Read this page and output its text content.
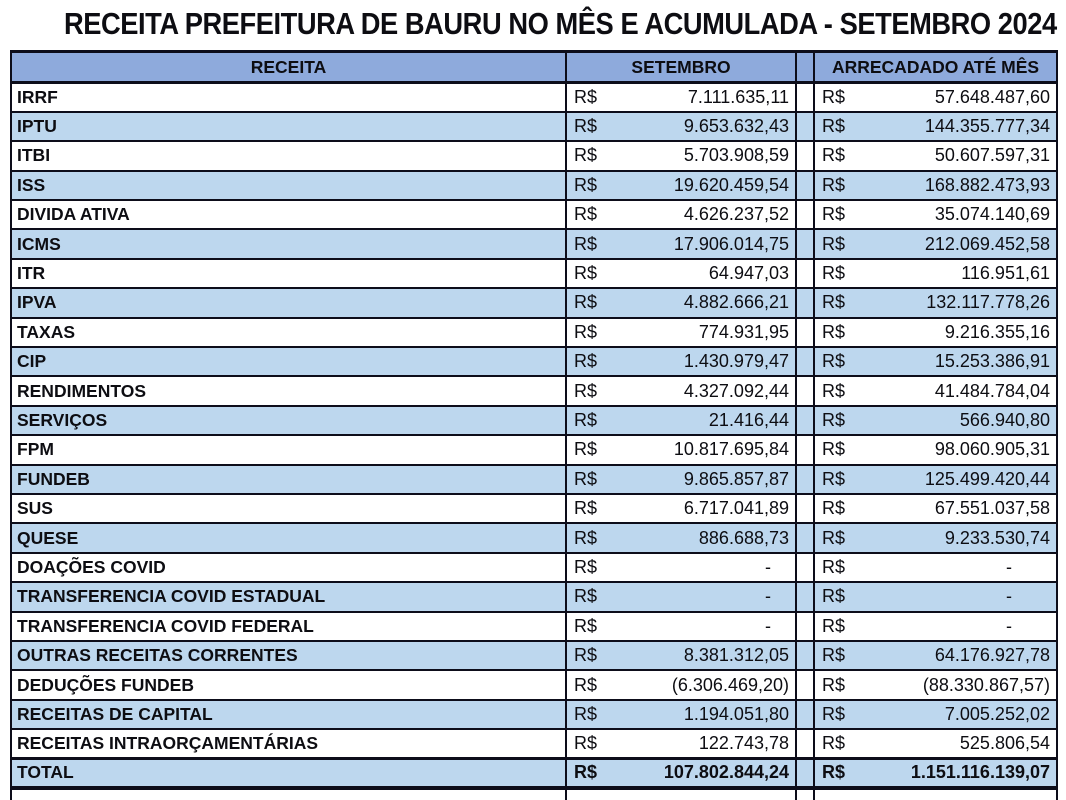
RECEITA PREFEITURA DE BAURU NO MÊS E ACUMULADA - SETEMBRO 2024
RECEITA	SETEMBRO		ARRECADADO ATÉ MÊS
IRRF	R$ 7.111.635,11		R$ 57.648.487,60

IPTU	R$ 9.653.632,43		R$ 144.355.777,34

ITBI	R$ 5.703.908,59		R$ 50.607.597,31

ISS	R$ 19.620.459,54		R$ 168.882.473,93

DIVIDA ATIVA	R$ 4.626.237,52		R$ 35.074.140,69

ICMS	R$ 17.906.014,75		R$ 212.069.452,58

ITR	R$ 64.947,03		R$ 116.951,61

IPVA	R$ 4.882.666,21		R$ 132.117.778,26

TAXAS	R$ 774.931,95		R$ 9.216.355,16

CIP	R$ 1.430.979,47		R$ 15.253.386,91

RENDIMENTOS	R$ 4.327.092,44		R$ 41.484.784,04

SERVIÇOS	R$ 21.416,44		R$ 566.940,80

FPM	R$ 10.817.695,84		R$ 98.060.905,31

FUNDEB	R$ 9.865.857,87		R$ 125.499.420,44

SUS	R$ 6.717.041,89		R$ 67.551.037,58

QUESE	R$ 886.688,73		R$ 9.233.530,74

DOAÇÕES COVID	R$ -		R$ -

TRANSFERENCIA COVID ESTADUAL	R$ -		R$ -

TRANSFERENCIA COVID FEDERAL	R$ -		R$ -

OUTRAS RECEITAS CORRENTES	R$ 8.381.312,05		R$ 64.176.927,78

DEDUÇÕES FUNDEB	R$ (6.306.469,20)		R$ (88.330.867,57)

RECEITAS DE CAPITAL	R$ 1.194.051,80		R$ 7.005.252,02

RECEITAS INTRAORÇAMENTÁRIAS	R$ 122.743,78		R$ 525.806,54

TOTAL	R$ 107.802.844,24		R$ 1.151.116.139,07
